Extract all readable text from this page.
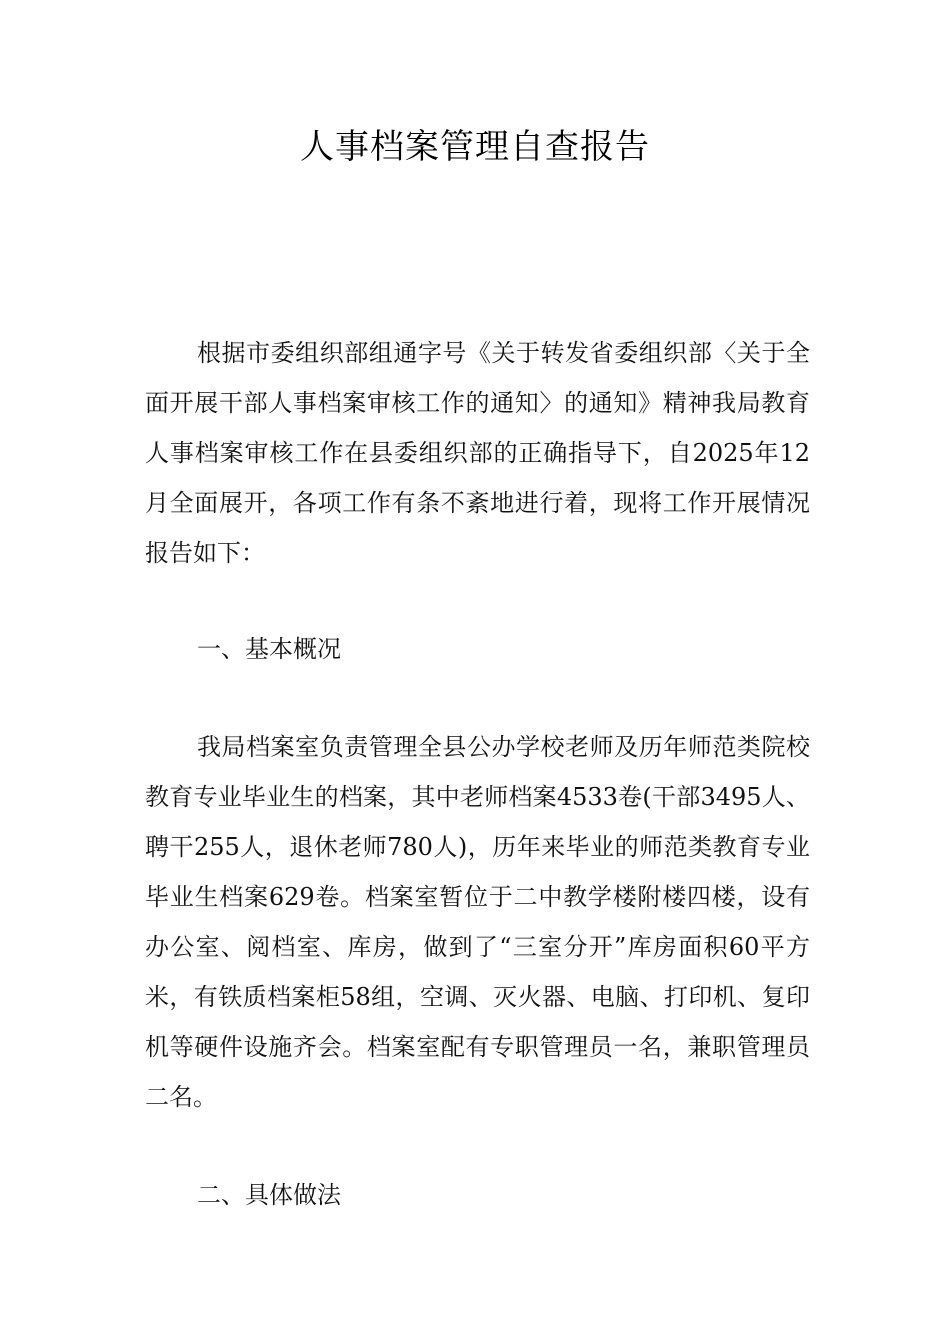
人事档案管理自查报告

根据市委组织部组通字号《关于转发省委组织部〈关于全面开展干部人事档案审核工作的通知〉的通知》精神我局教育人事档案审核工作在县委组织部的正确指导下，自2025年12月全面展开，各项工作有条不紊地进行着，现将工作开展情况报告如下：

一、基本概况

我局档案室负责管理全县公办学校老师及历年师范类院校教育专业毕业生的档案，其中老师档案4533卷(干部3495人、聘干255人，退休老师780人)，历年来毕业的师范类教育专业毕业生档案629卷。档案室暂位于二中教学楼附楼四楼，设有办公室、阅档室、库房，做到了“三室分开”库房面积60平方米，有铁质档案柜58组，空调、灭火器、电脑、打印机、复印机等硬件设施齐会。档案室配有专职管理员一名，兼职管理员二名。

二、具体做法
